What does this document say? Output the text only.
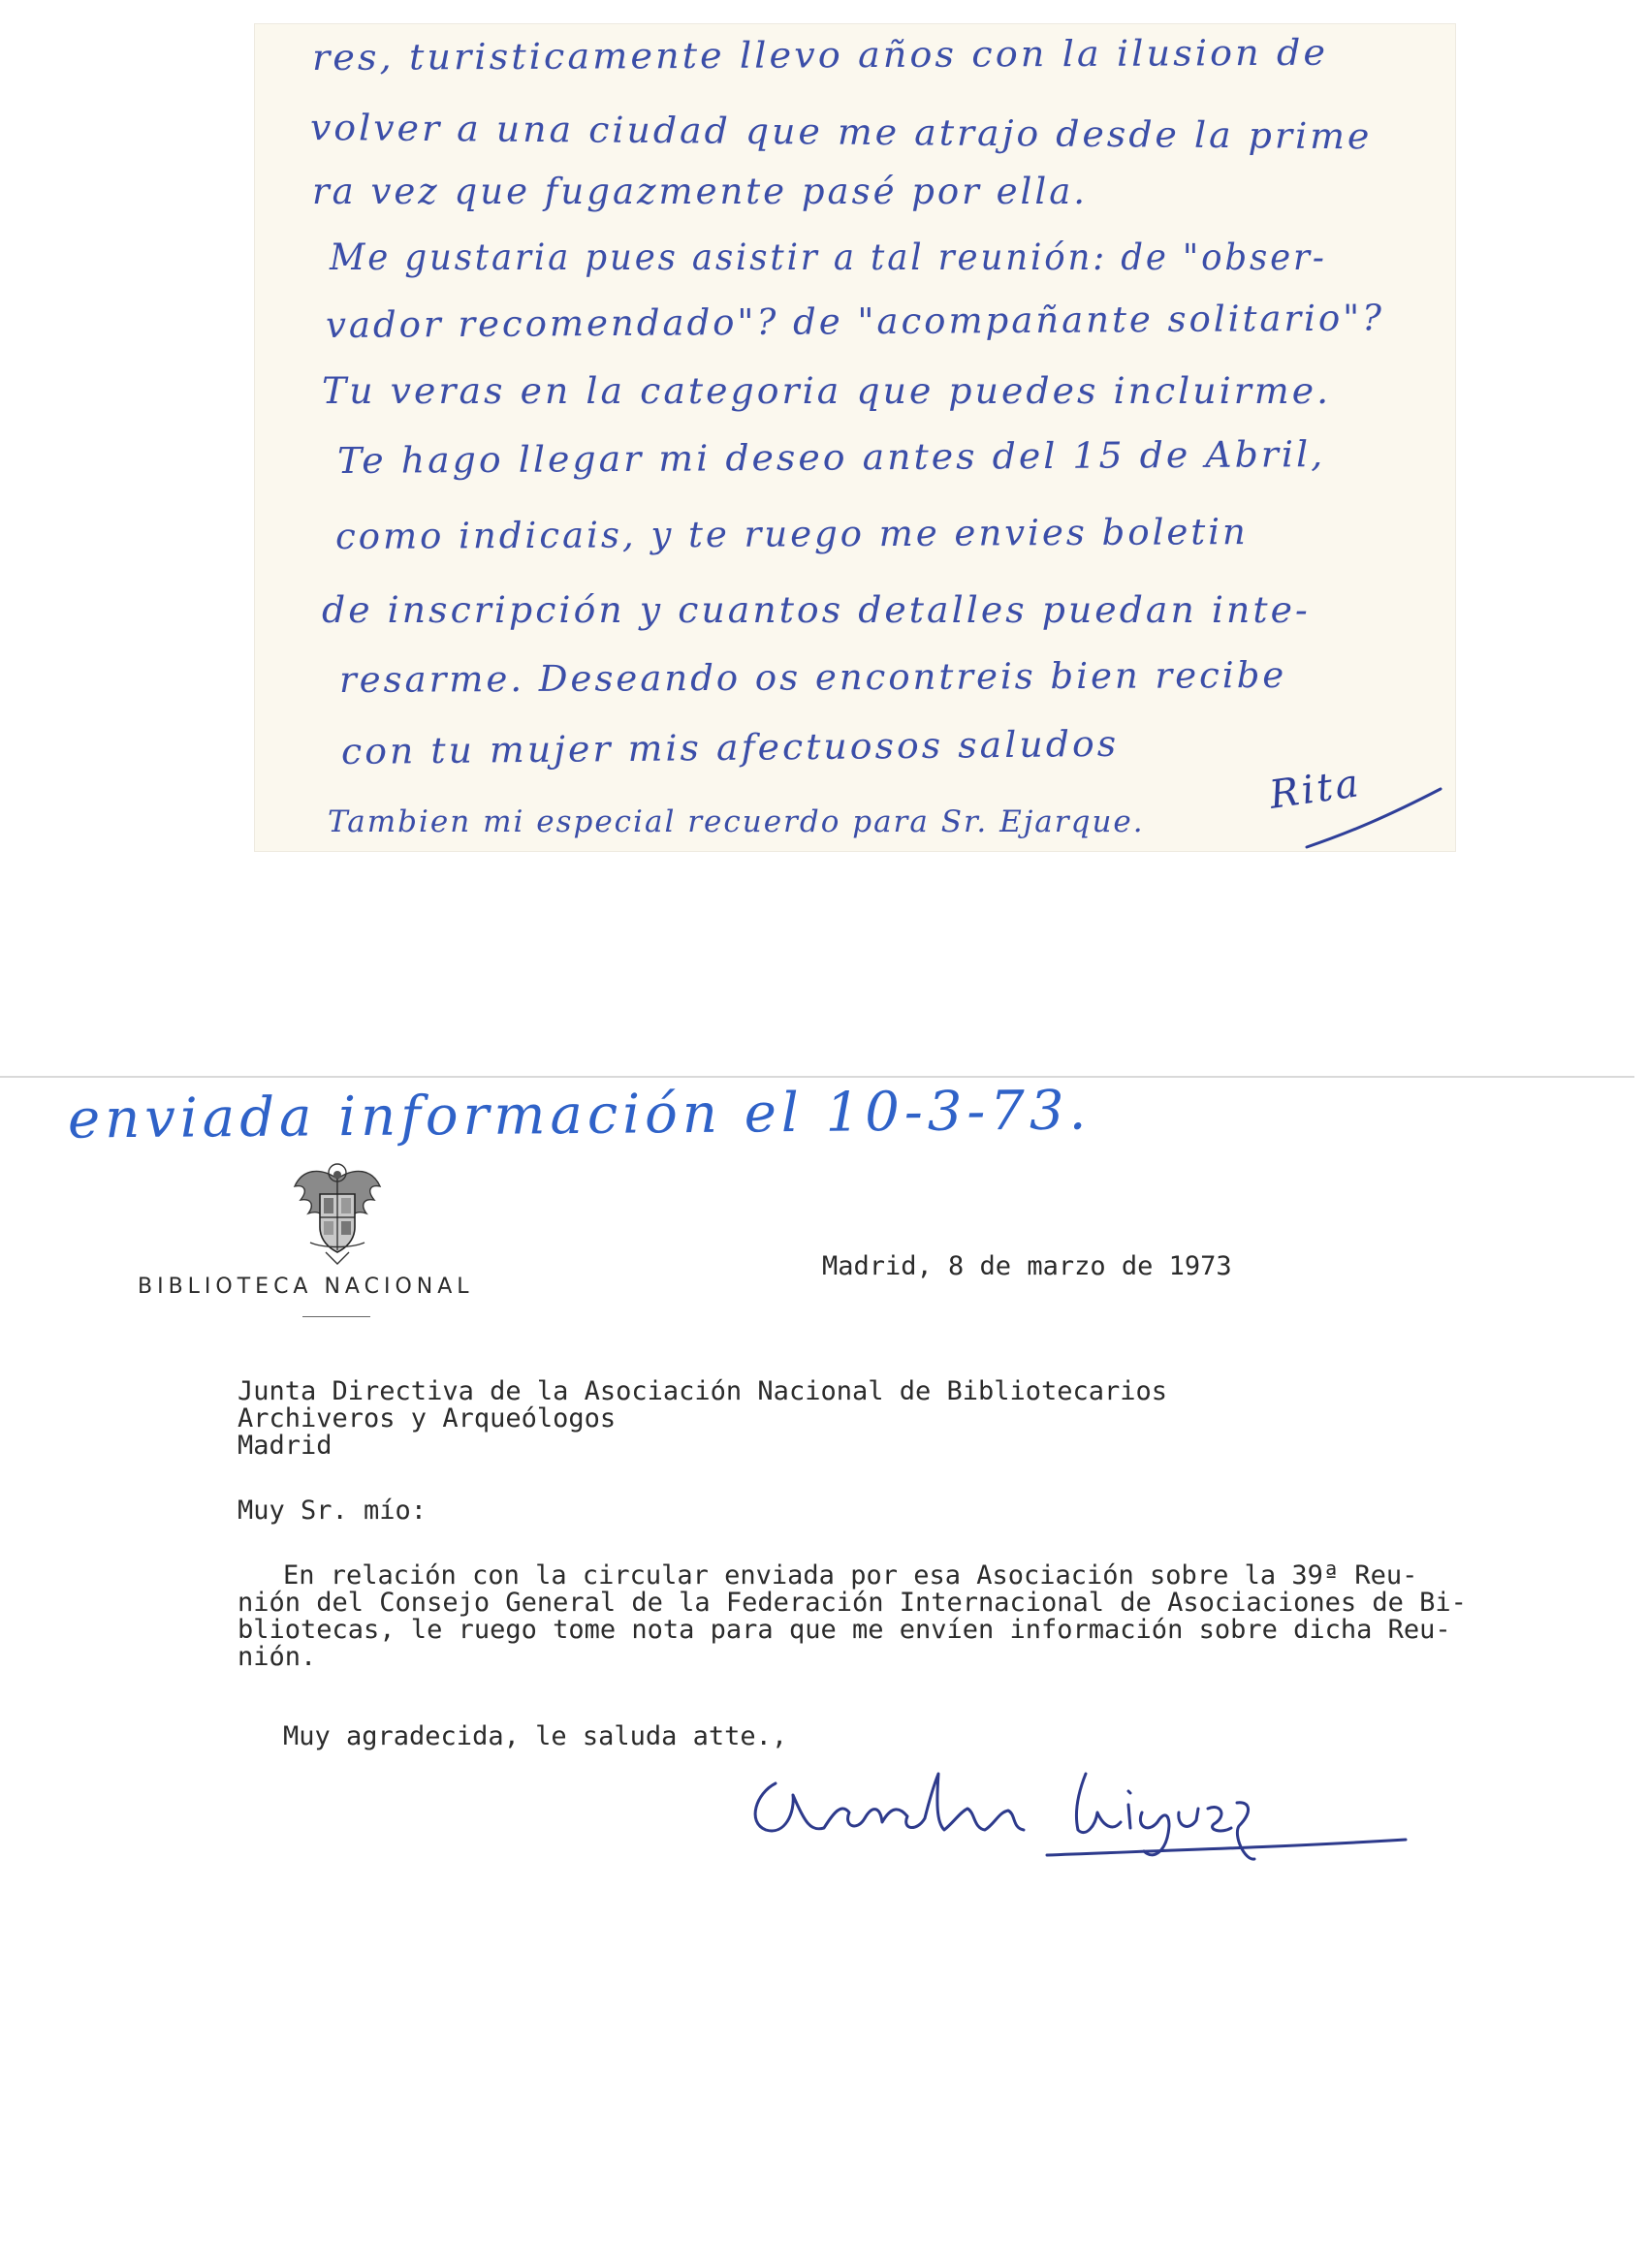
res, turisticamente llevo años con la ilusion de
volver a una ciudad que me atrajo desde la prime
ra vez que fugazmente pasé por ella.
Me gustaria pues asistir a tal reunión: de "obser-
vador recomendado"? de "acompañante solitario"?
Tu veras en la categoria que puedes incluirme.
Te hago llegar mi deseo antes del 15 de Abril,
como indicais, y te ruego me envies boletin
de inscripción y cuantos detalles puedan inte-
resarme. Deseando os encontreis bien recibe
con tu mujer mis afectuosos saludos
Tambien mi especial recuerdo para Sr. Ejarque.
Rita
enviada información el 10-3-73.
BIBLIOTECA NACIONAL
Madrid, 8 de marzo de 1973
Junta Directiva de la Asociación Nacional de Bibliotecarios
Archiveros y Arqueólogos
Madrid
Muy Sr. mío:
En relación con la circular enviada por esa Asociación sobre la 39ª Reu-
nión del Consejo General de la Federación Internacional de Asociaciones de Bi-
bliotecas, le ruego tome nota para que me envíen información sobre dicha Reu-
nión.
Muy agradecida, le saluda atte.,
